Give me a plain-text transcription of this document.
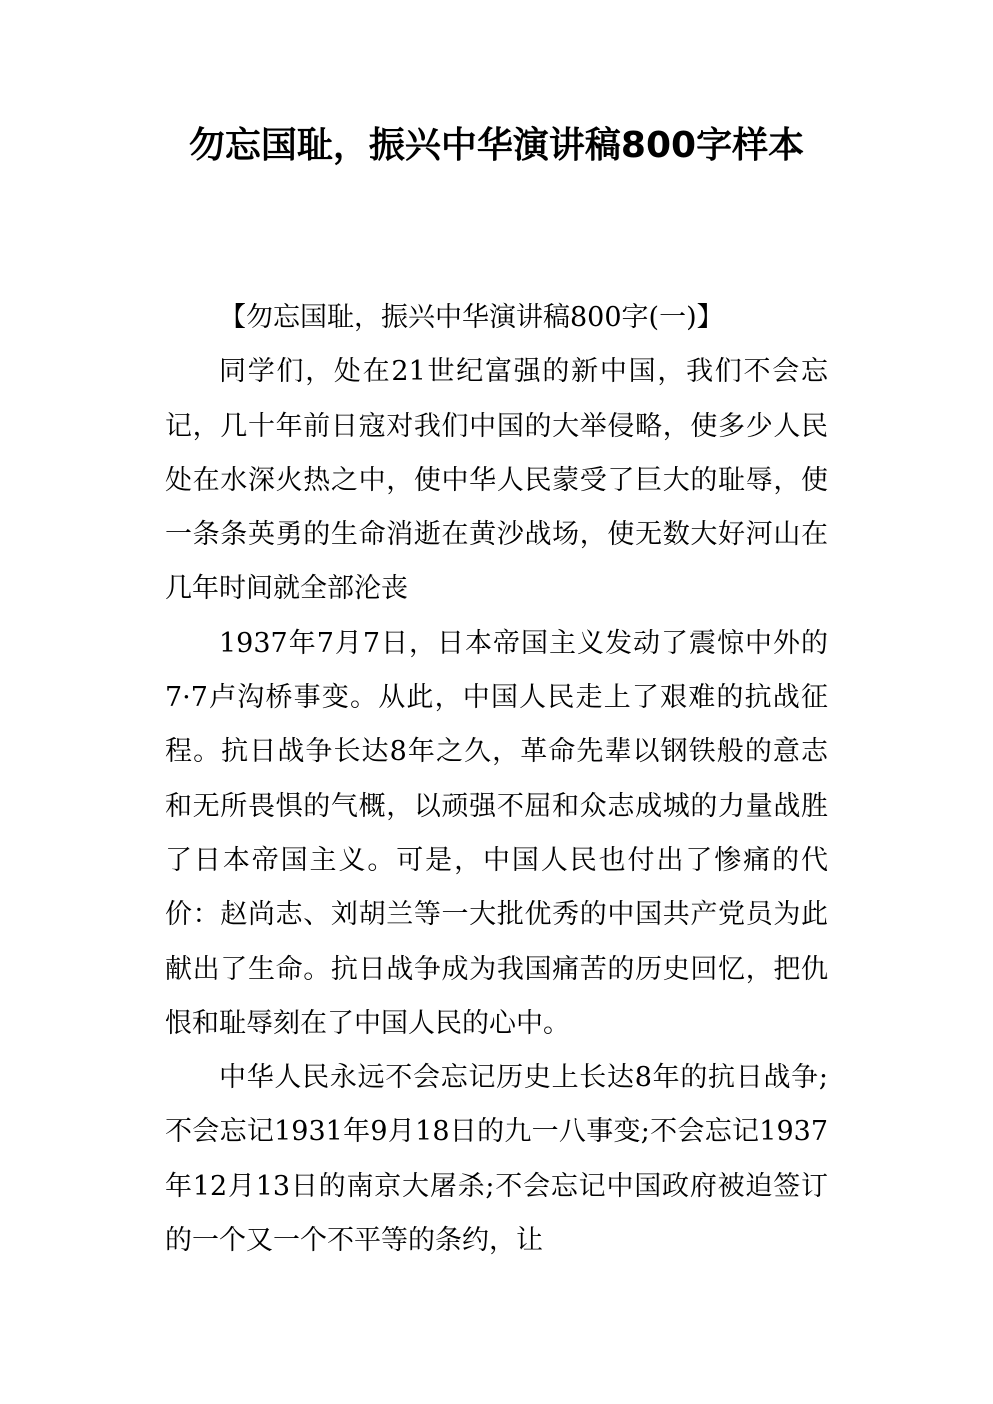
勿忘国耻，振兴中华演讲稿800字样本

【勿忘国耻，振兴中华演讲稿800字(一)】

同学们，处在21世纪富强的新中国，我们不会忘记，几十年前日寇对我们中国的大举侵略，使多少人民处在水深火热之中，使中华人民蒙受了巨大的耻辱，使一条条英勇的生命消逝在黄沙战场，使无数大好河山在几年时间就全部沦丧

1937年7月7日，日本帝国主义发动了震惊中外的7·7卢沟桥事变。从此，中国人民走上了艰难的抗战征程。抗日战争长达8年之久，革命先辈以钢铁般的意志和无所畏惧的气概，以顽强不屈和众志成城的力量战胜了日本帝国主义。可是，中国人民也付出了惨痛的代价：赵尚志、刘胡兰等一大批优秀的中国共产党员为此献出了生命。抗日战争成为我国痛苦的历史回忆，把仇恨和耻辱刻在了中国人民的心中。

中华人民永远不会忘记历史上长达8年的抗日战争;不会忘记1931年9月18日的九一八事变;不会忘记1937年12月13日的南京大屠杀;不会忘记中国政府被迫签订的一个又一个不平等的条约，让
